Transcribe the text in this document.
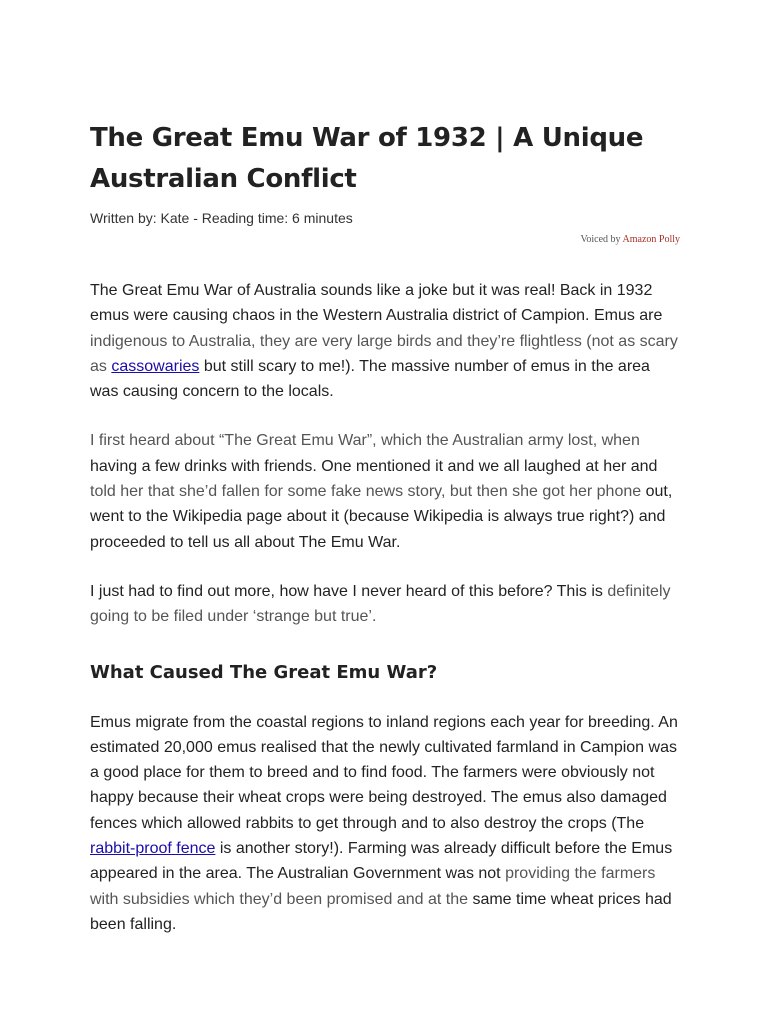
The Great Emu War of 1932 | A Unique Australian Conflict
Written by: Kate - Reading time: 6 minutes
Voiced by Amazon Polly

The Great Emu War of Australia sounds like a joke but it was real! Back in 1932 emus were causing chaos in the Western Australia district of Campion. Emus are indigenous to Australia, they are very large birds and they’re flightless (not as scary as cassowaries but still scary to me!). The massive number of emus in the area was causing concern to the locals.

I first heard about “The Great Emu War”, which the Australian army lost, when having a few drinks with friends. One mentioned it and we all laughed at her and told her that she’d fallen for some fake news story, but then she got her phone out, went to the Wikipedia page about it (because Wikipedia is always true right?) and proceeded to tell us all about The Emu War.

I just had to find out more, how have I never heard of this before? This is definitely going to be filed under ‘strange but true’.

What Caused The Great Emu War?

Emus migrate from the coastal regions to inland regions each year for breeding. An estimated 20,000 emus realised that the newly cultivated farmland in Campion was a good place for them to breed and to find food. The farmers were obviously not happy because their wheat crops were being destroyed. The emus also damaged fences which allowed rabbits to get through and to also destroy the crops (The rabbit-proof fence is another story!). Farming was already difficult before the Emus appeared in the area. The Australian Government was not providing the farmers with subsidies which they’d been promised and at the same time wheat prices had been falling.
